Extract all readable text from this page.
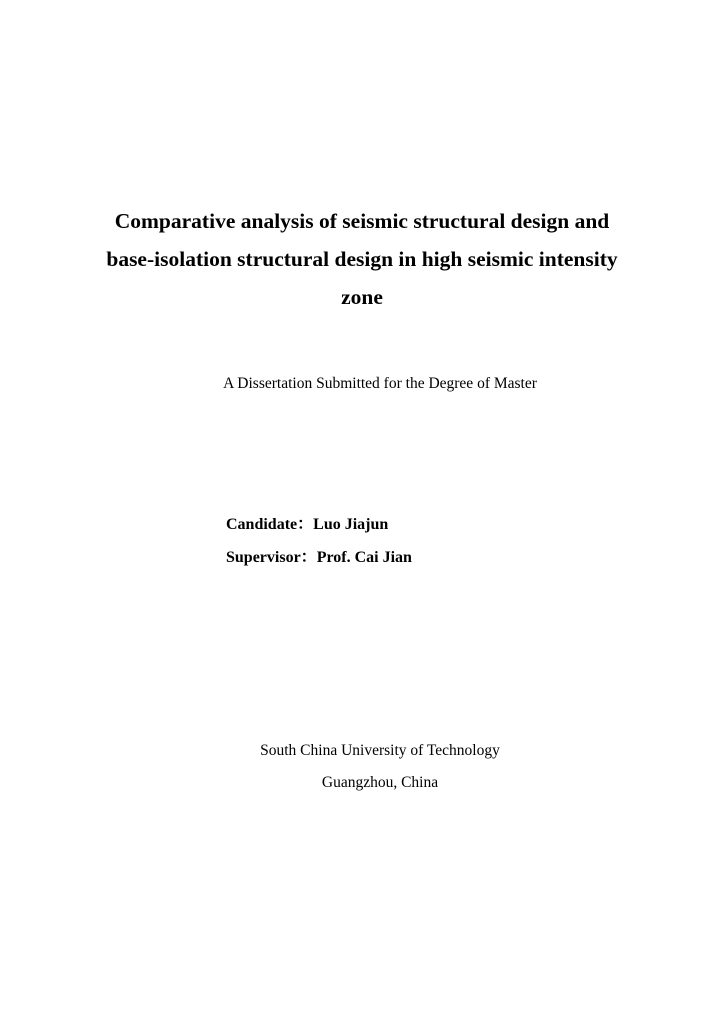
Comparative analysis of seismic structural design and
base-isolation structural design in high seismic intensity
zone
A Dissertation Submitted for the Degree of Master
Candidate：Luo Jiajun
Supervisor：Prof. Cai Jian
South China University of Technology
Guangzhou, China
